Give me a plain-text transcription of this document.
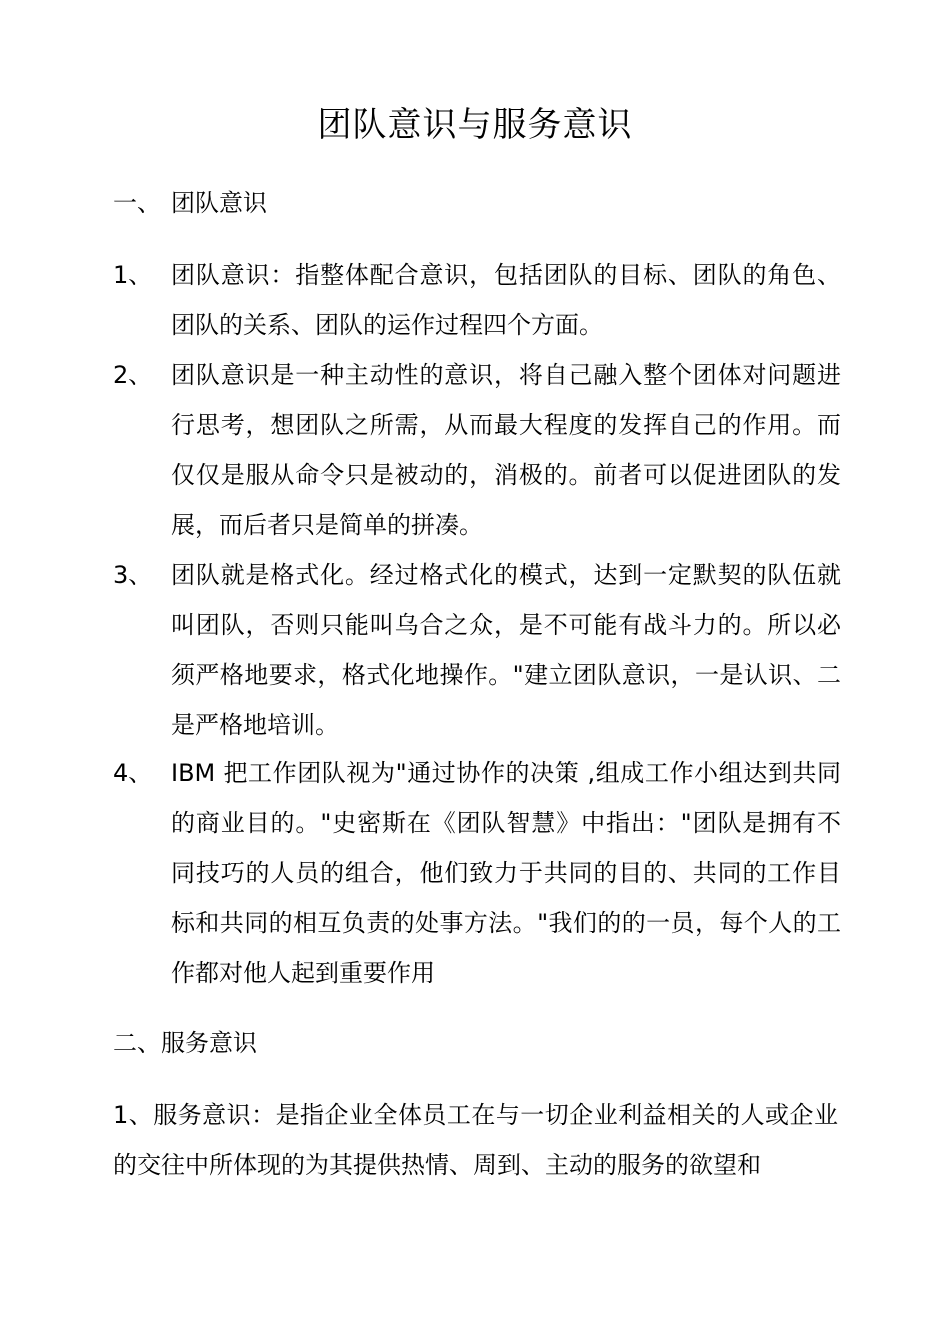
团队意识与服务意识
一、 团队意识
1、 团队意识：指整体配合意识，包括团队的目标、团队的角色、团队的关系、团队的运作过程四个方面。
2、 团队意识是一种主动性的意识，将自己融入整个团体对问题进行思考，想团队之所需，从而最大程度的发挥自己的作用。而仅仅是服从命令只是被动的，消极的。前者可以促进团队的发展，而后者只是简单的拼凑。
3、 团队就是格式化。经过格式化的模式，达到一定默契的队伍就叫团队，否则只能叫乌合之众，是不可能有战斗力的。所以必须严格地要求，格式化地操作。"建立团队意识，一是认识、二是严格地培训。
4、 IBM 把工作团队视为"通过协作的决策 ,组成工作小组达到共同的商业目的。"史密斯在《团队智慧》中指出："团队是拥有不同技巧的人员的组合，他们致力于共同的目的、共同的工作目标和共同的相互负责的处事方法。"我们的的一员，每个人的工作都对他人起到重要作用
二、服务意识

1、服务意识：是指企业全体员工在与一切企业利益相关的人或企业的交往中所体现的为其提供热情、周到、主动的服务的欲望和
